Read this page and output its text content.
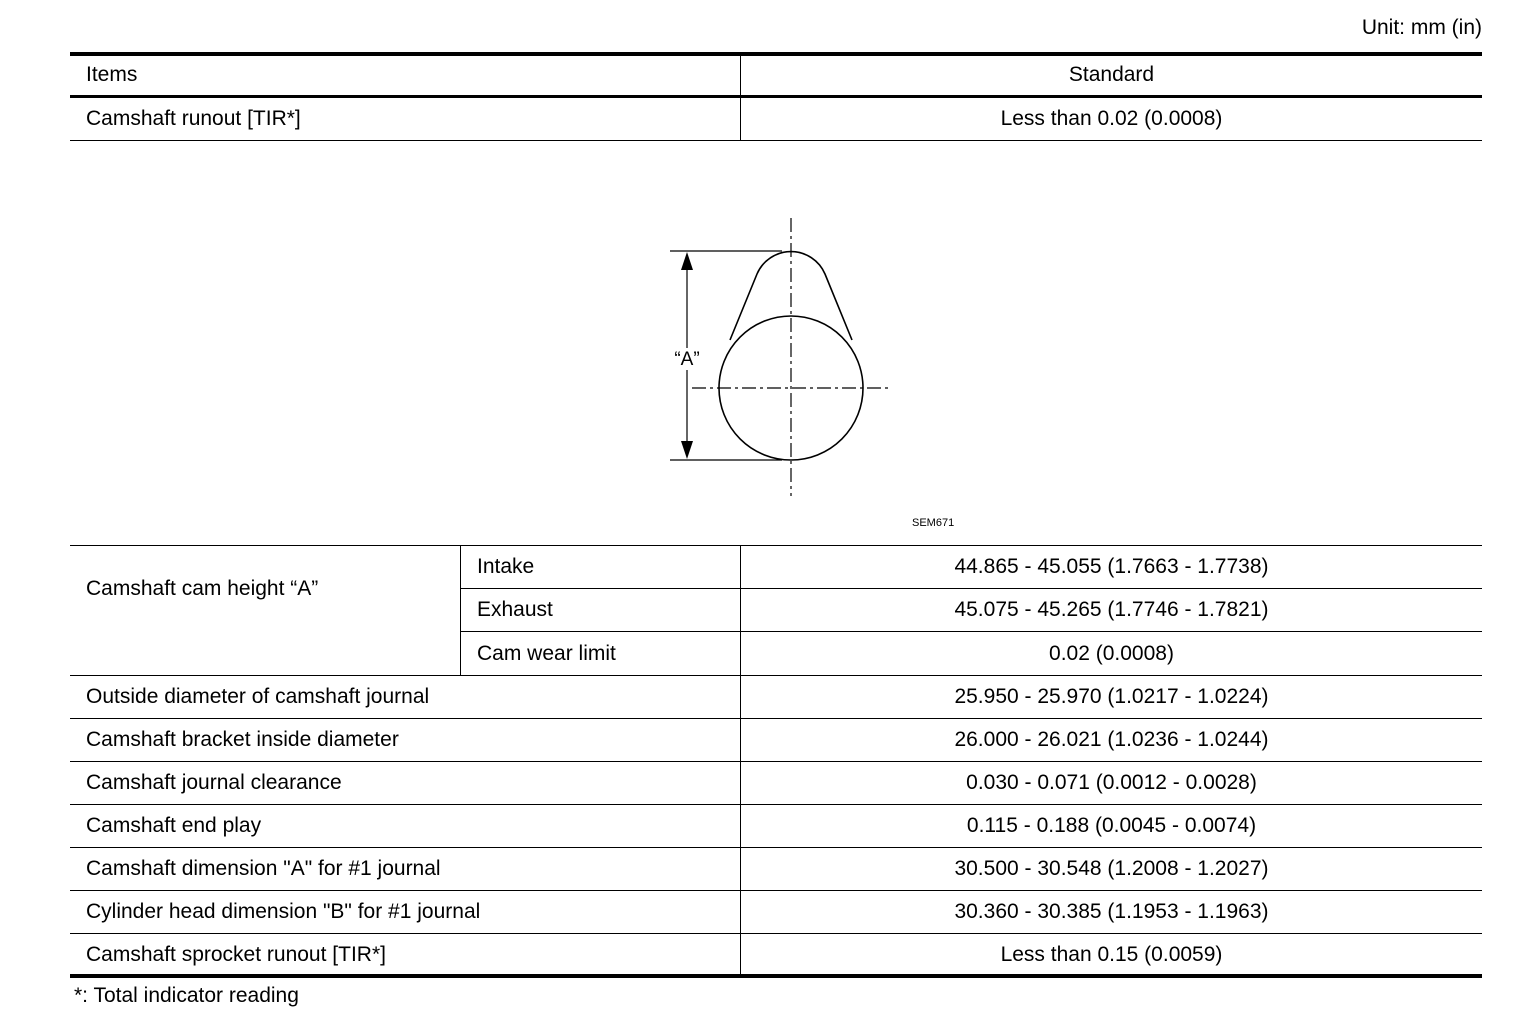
Unit: mm (in)
Items	Standard
Camshaft runout [TIR*]	Less than 0.02 (0.0008)
“A”
SEM671
Camshaft cam height “A”
Intake	44.865 - 45.055 (1.7663 - 1.7738)
Exhaust	45.075 - 45.265 (1.7746 - 1.7821)
Cam wear limit	0.02 (0.0008)
Outside diameter of camshaft journal	25.950 - 25.970 (1.0217 - 1.0224)
Camshaft bracket inside diameter	26.000 - 26.021 (1.0236 - 1.0244)
Camshaft journal clearance	0.030 - 0.071 (0.0012 - 0.0028)
Camshaft end play	0.115 - 0.188 (0.0045 - 0.0074)
Camshaft dimension "A" for #1 journal	30.500 - 30.548 (1.2008 - 1.2027)
Cylinder head dimension "B" for #1 journal	30.360 - 30.385 (1.1953 - 1.1963)
Camshaft sprocket runout [TIR*]	Less than 0.15 (0.0059)
*: Total indicator reading
